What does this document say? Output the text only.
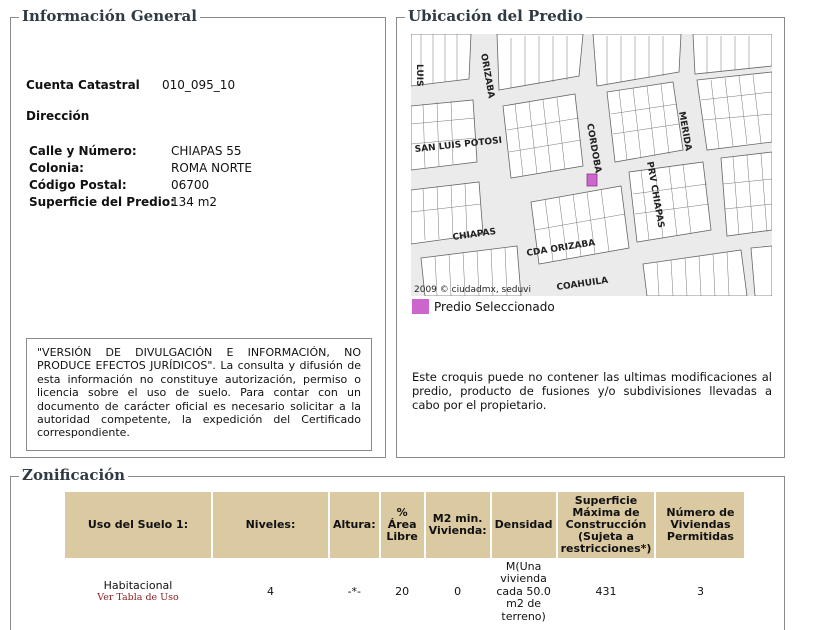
Información General
Cuenta Catastral 010_095_10
Dirección
Calle y Número:	CHIAPAS 55
Colonia:	ROMA NORTE
Código Postal:	06700
Superficie del Predio:134 m2
"VERSIÓN DE DIVULGACIÓN E INFORMACIÓN, NO PRODUCE EFECTOS JURÍDICOS". La consulta y difusión de esta información no constituye autorización, permiso o licencia sobre el uso de suelo. Para contar con un documento de carácter oficial es necesario solicitar a la autoridad competente, la expedición del Certificado correspondiente.
Ubicación del Predio
LUIS	ORIZABA
SAN LUIS POTOSI	CORDOBA	MERIDA
PRV CHIAPAS
CHIAPAS
CDA ORIZABA
COAHUILA
2009 © ciudadmx, seduvi
Predio Seleccionado
Este croquis puede no contener las ultimas modificaciones al predio, producto de fusiones y/o subdivisiones llevadas a cabo por el propietario.
Zonificación
Uso del Suelo 1:	Niveles:	Altura:	% Área Libre	M2 min. Vivienda:	Densidad	Superficie Máxima de Construcción (Sujeta a restricciones*)	Número de Viviendas Permitidas
Habitacional
Ver Tabla de Uso	4	-*-	20	0	M(Una vivienda cada 50.0 m2 de terreno)	431	3
